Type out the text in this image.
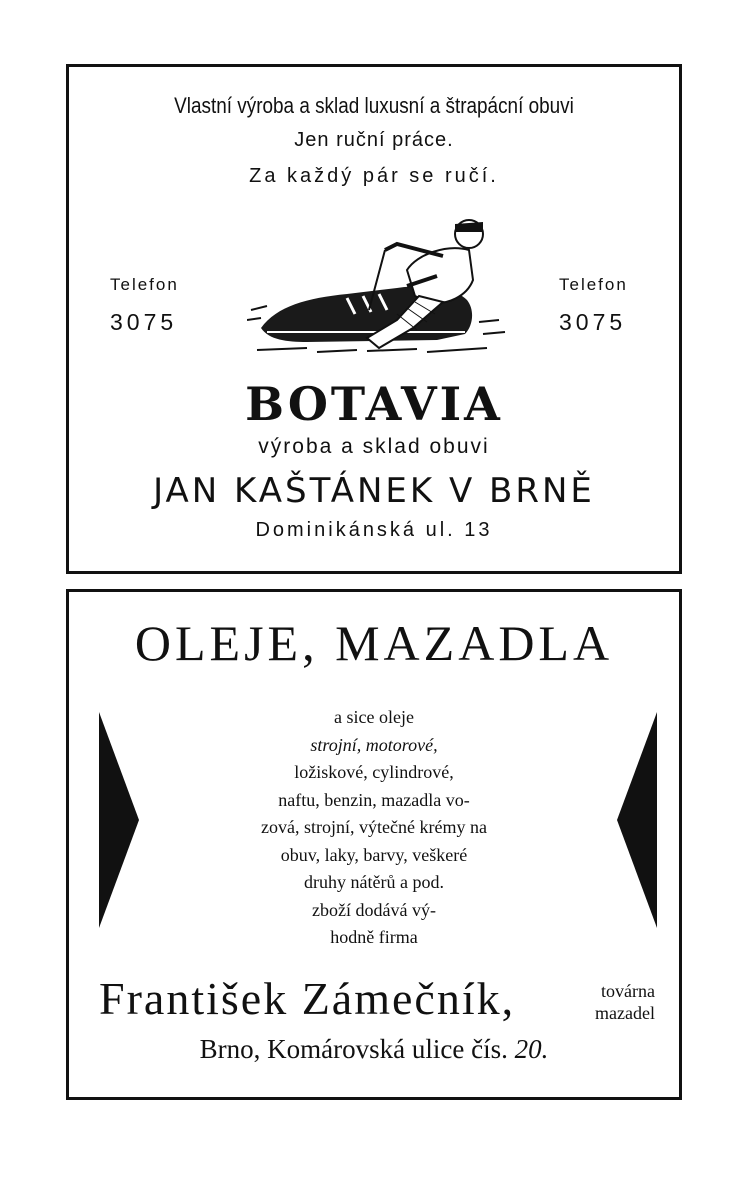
Vlastní výroba a sklad luxusní a štrapácní obuvi
Jen ruční práce.
Za každý pár se ručí.
Telefon
3075
Telefon
3075
BOTAVIA
výroba a sklad obuvi
JAN KAŠTÁNEK V BRNĚ
Dominikánská ul. 13
OLEJE, MAZADLA
a sice oleje
strojní, motorové,
ložiskové, cylindrové,
naftu, benzin, mazadla vo-
zová, strojní, výtečné krémy na
obuv, laky, barvy, veškeré
druhy nátěrů a pod.
zboží dodává vý-
hodně firma
František Zámečník,	továrna
mazadel
Brno, Komárovská ulice čís. 20.
